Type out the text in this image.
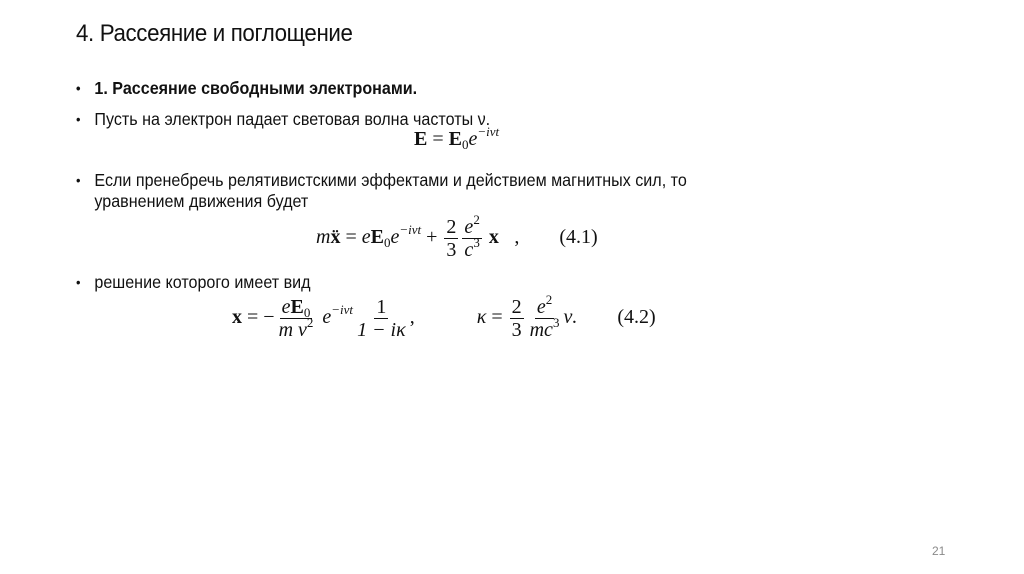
4. Рассеяние и поглощение
• 1. Рассеяние свободными электронами.
• Пусть на электрон падает световая волна частоты ν.
$E = E_0e^{-i\nu t}$
• Если пренебречь релятивистскими эффектами и действием магнитных сил, то
уравнением движения будет
mẍ = $eE_0e^{-i\nu t} + \frac{2}{3} \frac{e^2}{c^3}$ x⃛, (4.1)
• решение которого имеет вид
x = − $\frac{eE_0}{m \nu^2} e^{-i\nu t} \frac{1}{1 - i\kappa}$ ,	$\kappa = \frac{2}{3} \frac{e^2}{mc^3} \nu$. (4.2)
21
